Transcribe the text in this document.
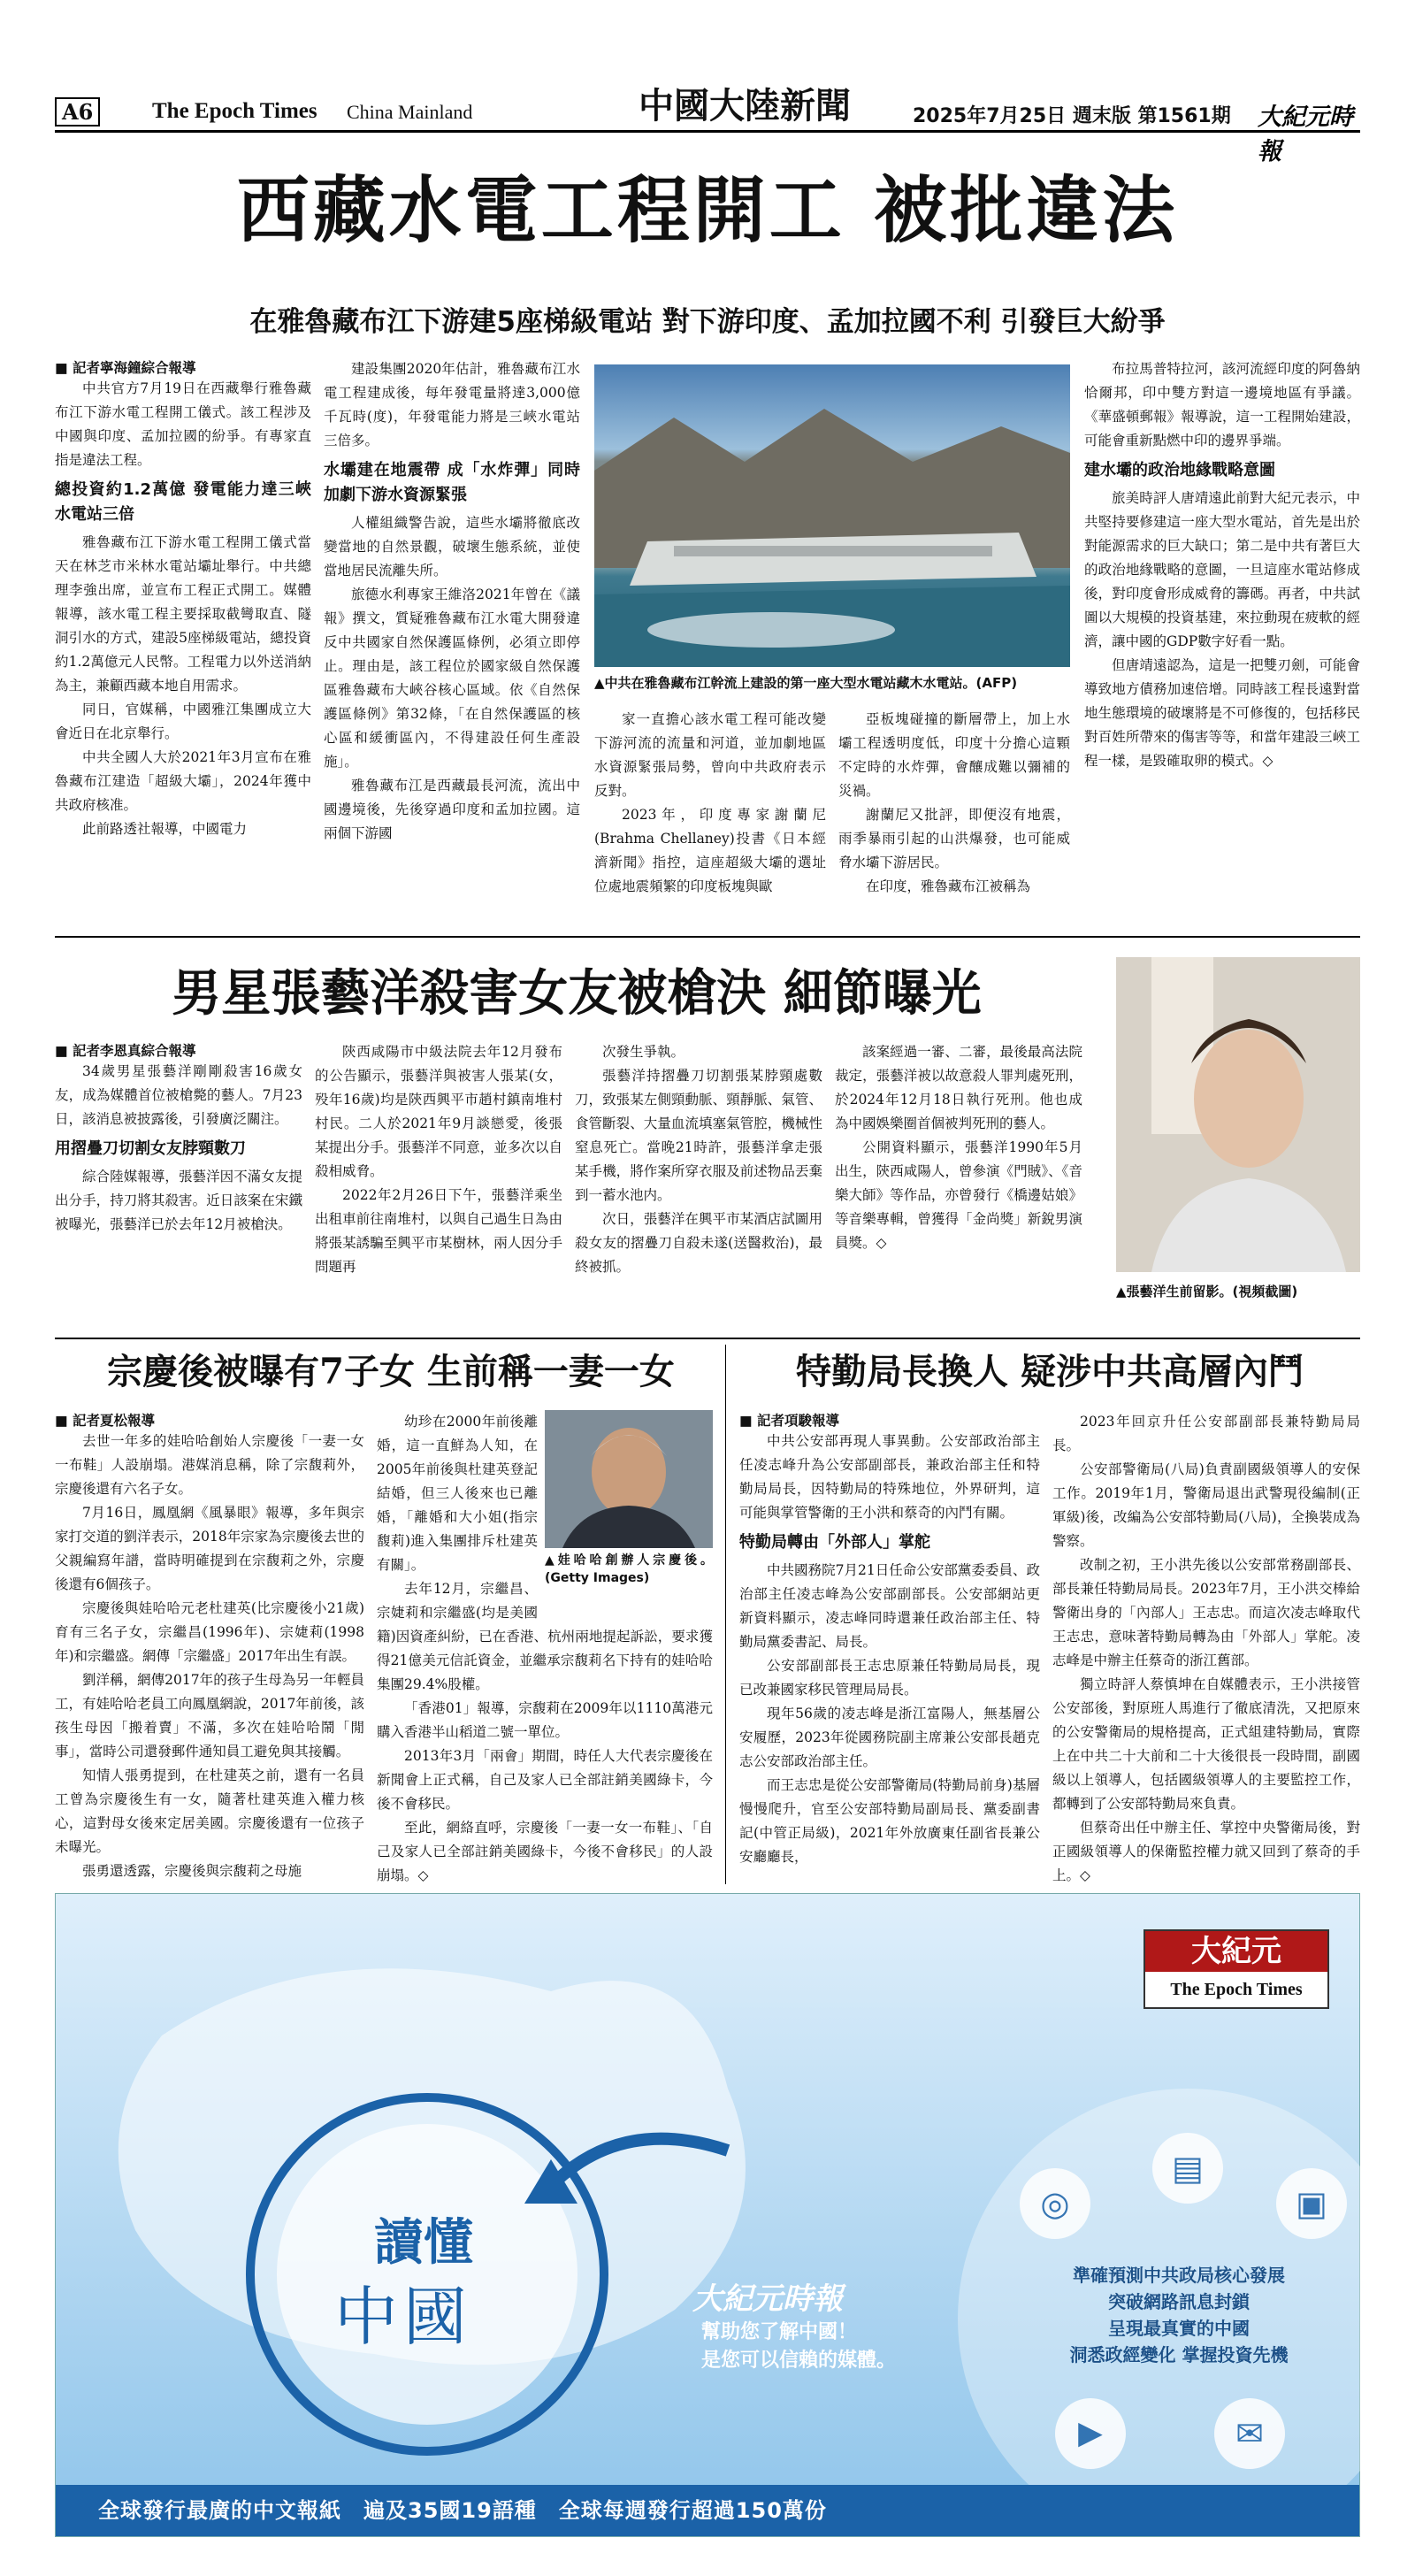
A6	The Epoch Times China Mainland	中國大陸新聞	2025年7月25日 週末版 第1561期 大紀元時報
西藏水電工程開工 被批違法
在雅魯藏布江下游建5座梯級電站 對下游印度、孟加拉國不利 引發巨大紛爭

■ 記者寧海鐘綜合報導

中共官方7月19日在西藏舉行雅魯藏布江下游水電工程開工儀式。該工程涉及中國與印度、孟加拉國的紛爭。有專家直指是違法工程。

總投資約1.2萬億 發電能力達三峽水電站三倍

雅魯藏布江下游水電工程開工儀式當天在林芝市米林水電站壩址舉行。中共總理李強出席，並宣布工程正式開工。媒體報導，該水電工程主要採取截彎取直、隧洞引水的方式，建設5座梯級電站，總投資約1.2萬億元人民幣。工程電力以外送消納為主，兼顧西藏本地自用需求。

同日，官媒稱，中國雅江集團成立大會近日在北京舉行。

中共全國人大於2021年3月宣布在雅魯藏布江建造「超級大壩」，2024年獲中共政府核准。

此前路透社報導，中國電力

建設集團2020年估計，雅魯藏布江水電工程建成後，每年發電量將達3,000億千瓦時(度)，年發電能力將是三峽水電站三倍多。

水壩建在地震帶 成「水炸彈」同時加劇下游水資源緊張

人權組織警告說，這些水壩將徹底改變當地的自然景觀，破壞生態系統，並使當地居民流離失所。

旅德水利專家王維洛2021年曾在《議報》撰文，質疑雅魯藏布江水電大開發違反中共國家自然保護區條例，必須立即停止。理由是，該工程位於國家級自然保護區雅魯藏布大峽谷核心區域。依《自然保護區條例》第32條，「在自然保護區的核心區和緩衝區內，不得建設任何生產設施」。

雅魯藏布江是西藏最長河流，流出中國邊境後，先後穿過印度和孟加拉國。這兩個下游國

▲中共在雅魯藏布江幹流上建設的第一座大型水電站藏木水電站。(AFP)

家一直擔心該水電工程可能改變下游河流的流量和河道，並加劇地區水資源緊張局勢，曾向中共政府表示反對。

2023年，印度專家謝蘭尼(Brahma Chellaney)投書《日本經濟新聞》指控，這座超級大壩的選址位處地震頻繁的印度板塊與歐

亞板塊碰撞的斷層帶上，加上水壩工程透明度低，印度十分擔心這顆不定時的水炸彈，會釀成難以彌補的災禍。

謝蘭尼又批評，即便沒有地震，雨季暴雨引起的山洪爆發，也可能威脅水壩下游居民。

在印度，雅魯藏布江被稱為

布拉馬普特拉河，該河流經印度的阿魯納恰爾邦，印中雙方對這一邊境地區有爭議。《華盛頓郵報》報導說，這一工程開始建設，可能會重新點燃中印的邊界爭端。

建水壩的政治地緣戰略意圖

旅美時評人唐靖遠此前對大紀元表示，中共堅持要修建這一座大型水電站，首先是出於對能源需求的巨大缺口；第二是中共有著巨大的政治地緣戰略的意圖，一旦這座水電站修成後，對印度會形成威脅的籌碼。再者，中共試圖以大規模的投資基建，來拉動現在疲軟的經濟，讓中國的GDP數字好看一點。

但唐靖遠認為，這是一把雙刃劍，可能會導致地方債務加速倍增。同時該工程長遠對當地生態環境的破壞將是不可修復的，包括移民對百姓所帶來的傷害等等，和當年建設三峽工程一樣，是毀確取卵的模式。◇

男星張藝洋殺害女友被槍決 細節曝光

■ 記者李恩真綜合報導

34歲男星張藝洋剛剛殺害16歲女友，成為媒體首位被槍斃的藝人。7月23日，該消息被披露後，引發廣泛關注。

用摺疊刀切割女友脖頸數刀

綜合陸媒報導，張藝洋因不滿女友提出分手，持刀將其殺害。近日該案在宋鐵被曝光，張藝洋已於去年12月被槍決。

陝西咸陽市中級法院去年12月發布的公告顯示，張藝洋與被害人張某(女，殁年16歲)均是陝西興平市趙村鎮南堆村村民。二人於2021年9月談戀愛，後張某提出分手。張藝洋不同意，並多次以自殺相威脅。

2022年2月26日下午，張藝洋乘坐出租車前往南堆村，以與自己過生日為由將張某誘騙至興平市某樹林，兩人因分手問題再

次發生爭執。

張藝洋持摺疊刀切割張某脖頸處數刀，致張某左側頸動脈、頸靜脈、氣管、食管斷裂、大量血流填塞氣管腔，機械性窒息死亡。當晚21時許，張藝洋拿走張某手機，將作案所穿衣服及前述物品丟棄到一蓄水池内。

次日，張藝洋在興平市某酒店試圖用殺女友的摺疊刀自殺未遂(送醫救治)，最終被抓。

該案經過一審、二審，最後最高法院裁定，張藝洋被以故意殺人罪判處死刑，於2024年12月18日執行死刑。他也成為中國娛樂圈首個被判死刑的藝人。

公開資料顯示，張藝洋1990年5月出生，陝西咸陽人，曾參演《門賊》、《音樂大師》等作品，亦曾發行《橋邊姑娘》等音樂專輯，曾獲得「金尚獎」新銳男演員獎。◇

▲張藝洋生前留影。(視頻截圖)
宗慶後被曝有7子女 生前稱一妻一女

■ 記者夏松報導

去世一年多的娃哈哈創始人宗慶後「一妻一女一布鞋」人設崩塌。港媒消息稱，除了宗馥莉外，宗慶後還有六名子女。

7月16日，鳳凰網《風暴眼》報導，多年與宗家打交道的劉洋表示，2018年宗家為宗慶後去世的父親編寫年譜，當時明確提到在宗馥莉之外，宗慶後還有6個孩子。

宗慶後與娃哈哈元老杜建英(比宗慶後小21歲)育有三名子女，宗繼昌(1996年)、宗婕莉(1998年)和宗繼盛。網傳「宗繼盛」2017年出生有誤。

劉洋稱，網傳2017年的孩子生母為另一年輕員工，有娃哈哈老員工向鳳凰網說，2017年前後，該孩生母因「搬着賣」不滿，多次在娃哈哈鬧「閒事」，當時公司還發郵件通知員工避免與其接觸。

知情人張勇提到，在杜建英之前，還有一名員工曾為宗慶後生有一女，隨著杜建英進入權力核心，這對母女後來定居美國。宗慶後還有一位孩子未曝光。

張勇還透露，宗慶後與宗馥莉之母施

▲娃哈哈創辦人宗慶後。(Getty Images)

幼珍在2000年前後離婚，這一直鮮為人知，在2005年前後與杜建英登記結婚，但三人後來也已離婚，「離婚和大小姐(指宗馥莉)進入集團排斥杜建英有關」。

去年12月，宗繼昌、宗婕莉和宗繼盛(均是美國籍)因資產糾紛，已在香港、杭州兩地提起訴訟，要求獲得21億美元信託資金，並繼承宗馥莉名下持有的娃哈哈集團29.4%股權。

「香港01」報導，宗馥莉在2009年以1110萬港元購入香港半山稻道二號一單位。

2013年3月「兩會」期間，時任人大代表宗慶後在新聞會上正式稱，自己及家人已全部註銷美國綠卡，今後不會移民。

至此，網絡直呼，宗慶後「一妻一女一布鞋」、「自己及家人已全部註銷美國綠卡，今後不會移民」的人設崩塌。◇

特勤局長換人 疑涉中共高層內鬥

■ 記者項駿報導

中共公安部再現人事異動。公安部政治部主任凌志峰升為公安部副部長，兼政治部主任和特勤局局長，因特勤局的特殊地位，外界研判，這可能與掌管警衛的王小洪和蔡奇的內鬥有關。

特勤局轉由「外部人」掌舵

中共國務院7月21日任命公安部黨委委員、政治部主任凌志峰為公安部副部長。公安部網站更新資料顯示，凌志峰同時還兼任政治部主任、特勤局黨委書記、局長。

公安部副部長王志忠原兼任特勤局局長，現已改兼國家移民管理局局長。

現年56歲的凌志峰是浙江富陽人，無基層公安履歷，2023年從國務院副主席兼公安部長趙克志公安部政治部主任。

而王志忠是從公安部警衛局(特勤局前身)基層慢慢爬升，官至公安部特勤局副局長、黨委副書記(中管正局級)，2021年外放廣東任副省長兼公安廳廳長，

2023年回京升任公安部副部長兼特勤局局長。

公安部警衛局(八局)負責副國級領導人的安保工作。2019年1月，警衛局退出武警現役編制(正軍級)後，改編為公安部特勤局(八局)，全換裝成為警察。

改制之初，王小洪先後以公安部常務副部長、部長兼任特勤局局長。2023年7月，王小洪交棒給警衛出身的「內部人」王志忠。而這次凌志峰取代王志忠，意味著特勤局轉為由「外部人」掌舵。凌志峰是中辦主任蔡奇的浙江舊部。

獨立時評人蔡慎坤在自媒體表示，王小洪接管公安部後，對原班人馬進行了徹底清洗，又把原來的公安警衛局的規格提高，正式組建特勤局，實際上在中共二十大前和二十大後很長一段時間，副國級以上領導人，包括國級領導人的主要監控工作，都轉到了公安部特勤局來負責。

但蔡奇出任中辦主任、掌控中央警衛局後，對正國級領導人的保衛監控權力就又回到了蔡奇的手上。◇

讀懂
中國	大紀元時報
幫助您了解中國！
是您可以信賴的媒體。
大紀元
The Epoch Times
◎
▤
▣
準確預測中共政局核心發展
突破網路訊息封鎖
呈現最真實的中國
洞悉政經變化 掌握投資先機
▶	✉
全球發行最廣的中文報紙　遍及35國19語種　全球每週發行超過150萬份
